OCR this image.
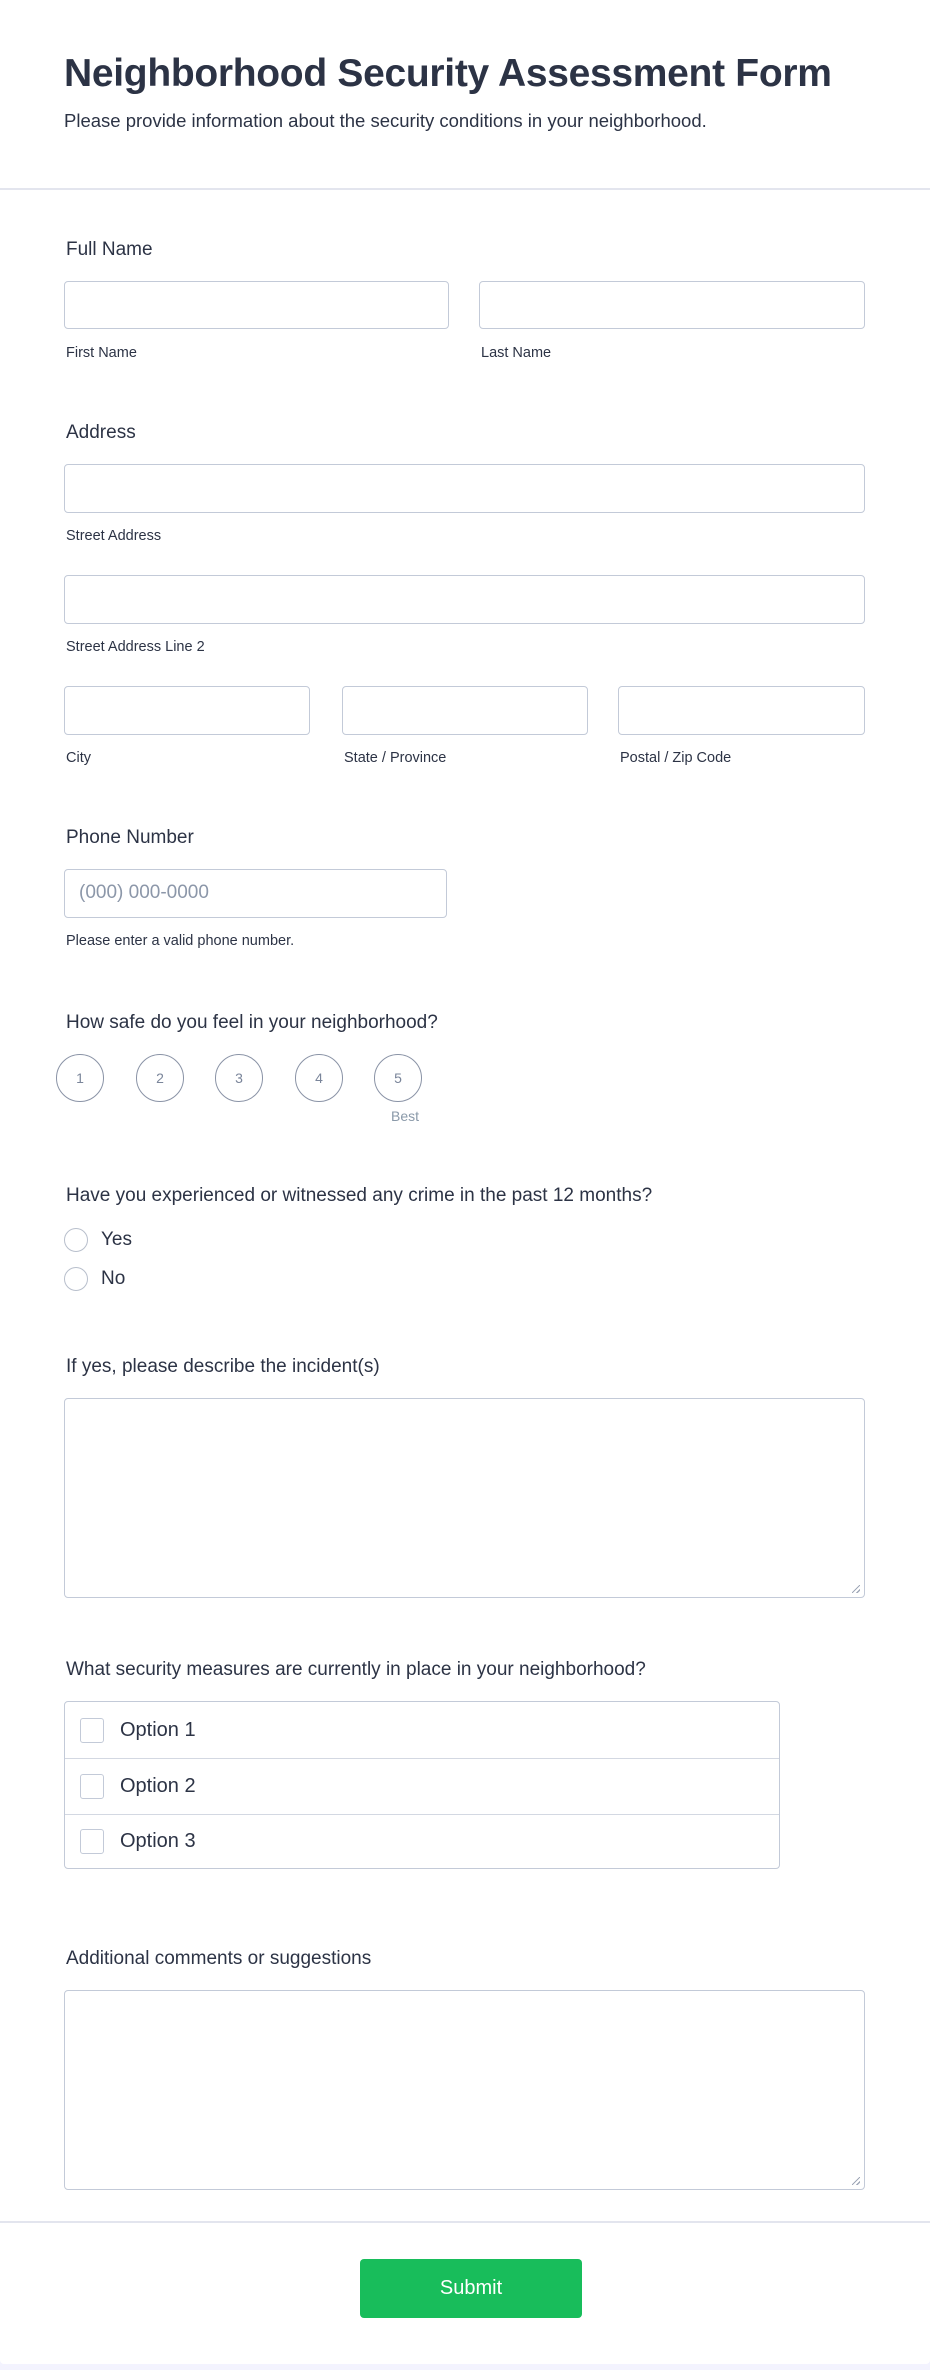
Neighborhood Security Assessment Form
Please provide information about the security conditions in your neighborhood.
Full Name
First Name	Last Name
Address
Street Address
Street Address Line 2
City	State / Province	Postal / Zip Code
Phone Number
(000) 000-0000
Please enter a valid phone number.
How safe do you feel in your neighborhood?
1	2	3	4	5
Best
Have you experienced or witnessed any crime in the past 12 months?
Yes
No
If yes, please describe the incident(s)
What security measures are currently in place in your neighborhood?
Option 1
Option 2
Option 3
Additional comments or suggestions
Submit
